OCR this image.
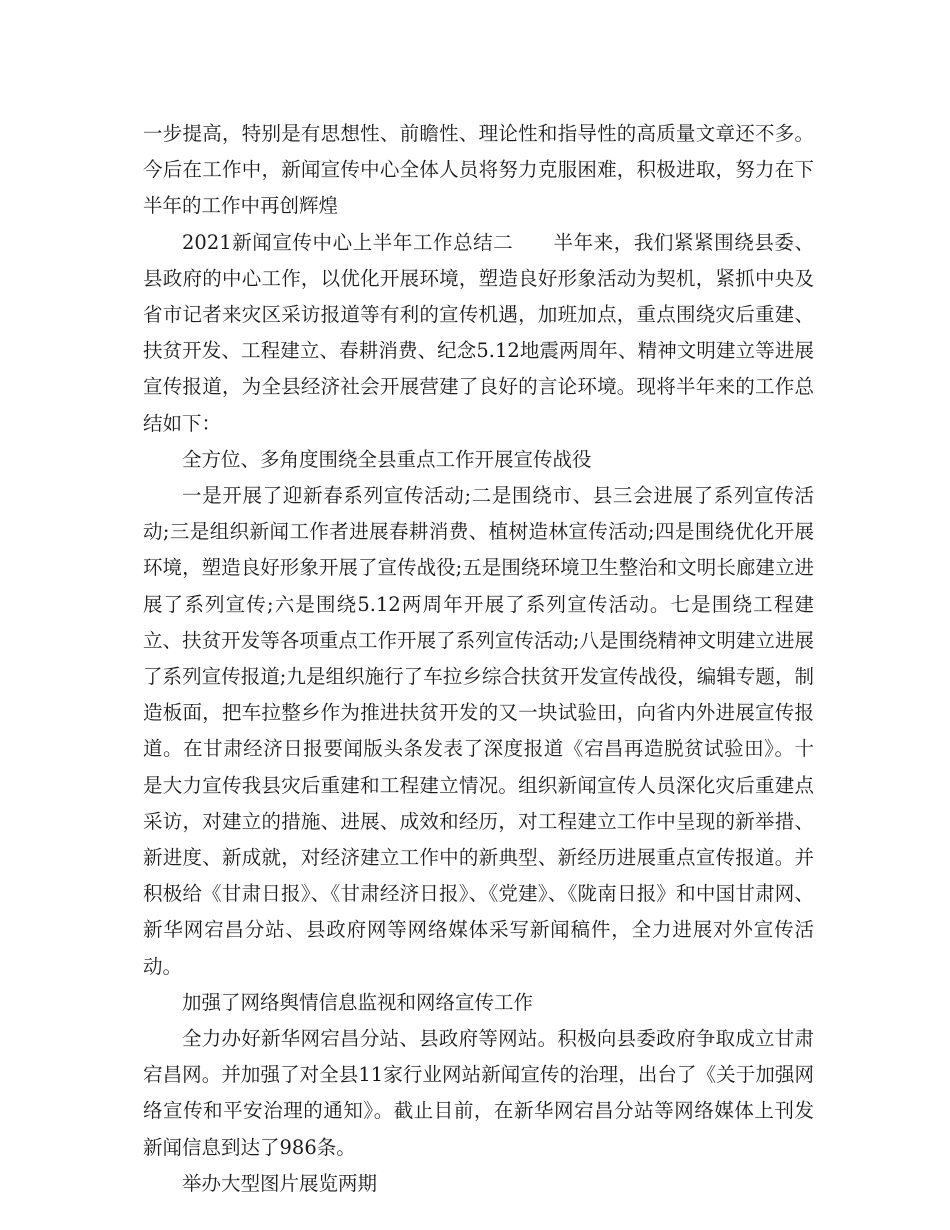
一步提高，特别是有思想性、前瞻性、理论性和指导性的高质量文章还不多。今后在工作中，新闻宣传中心全体人员将努力克服困难，积极进取，努力在下半年的工作中再创辉煌

2021新闻宣传中心上半年工作总结二　　半年来，我们紧紧围绕县委、县政府的中心工作，以优化开展环境，塑造良好形象活动为契机，紧抓中央及省市记者来灾区采访报道等有利的宣传机遇，加班加点，重点围绕灾后重建、扶贫开发、工程建立、春耕消费、纪念5.12地震两周年、精神文明建立等进展宣传报道，为全县经济社会开展营建了良好的言论环境。现将半年来的工作总结如下：

全方位、多角度围绕全县重点工作开展宣传战役

一是开展了迎新春系列宣传活动;二是围绕市、县三会进展了系列宣传活动;三是组织新闻工作者进展春耕消费、植树造林宣传活动;四是围绕优化开展环境，塑造良好形象开展了宣传战役;五是围绕环境卫生整治和文明长廊建立进展了系列宣传;六是围绕5.12两周年开展了系列宣传活动。七是围绕工程建立、扶贫开发等各项重点工作开展了系列宣传活动;八是围绕精神文明建立进展了系列宣传报道;九是组织施行了车拉乡综合扶贫开发宣传战役，编辑专题，制造板面，把车拉整乡作为推进扶贫开发的又一块试验田，向省内外进展宣传报道。在甘肃经济日报要闻版头条发表了深度报道《宕昌再造脱贫试验田》。十是大力宣传我县灾后重建和工程建立情况。组织新闻宣传人员深化灾后重建点采访，对建立的措施、进展、成效和经历，对工程建立工作中呈现的新举措、新进度、新成就，对经济建立工作中的新典型、新经历进展重点宣传报道。并积极给《甘肃日报》、《甘肃经济日报》、《党建》、《陇南日报》和中国甘肃网、新华网宕昌分站、县政府网等网络媒体采写新闻稿件，全力进展对外宣传活动。

加强了网络舆情信息监视和网络宣传工作

全力办好新华网宕昌分站、县政府等网站。积极向县委政府争取成立甘肃宕昌网。并加强了对全县11家行业网站新闻宣传的治理，出台了《关于加强网络宣传和平安治理的通知》。截止目前，在新华网宕昌分站等网络媒体上刊发新闻信息到达了986条。

举办大型图片展览两期
